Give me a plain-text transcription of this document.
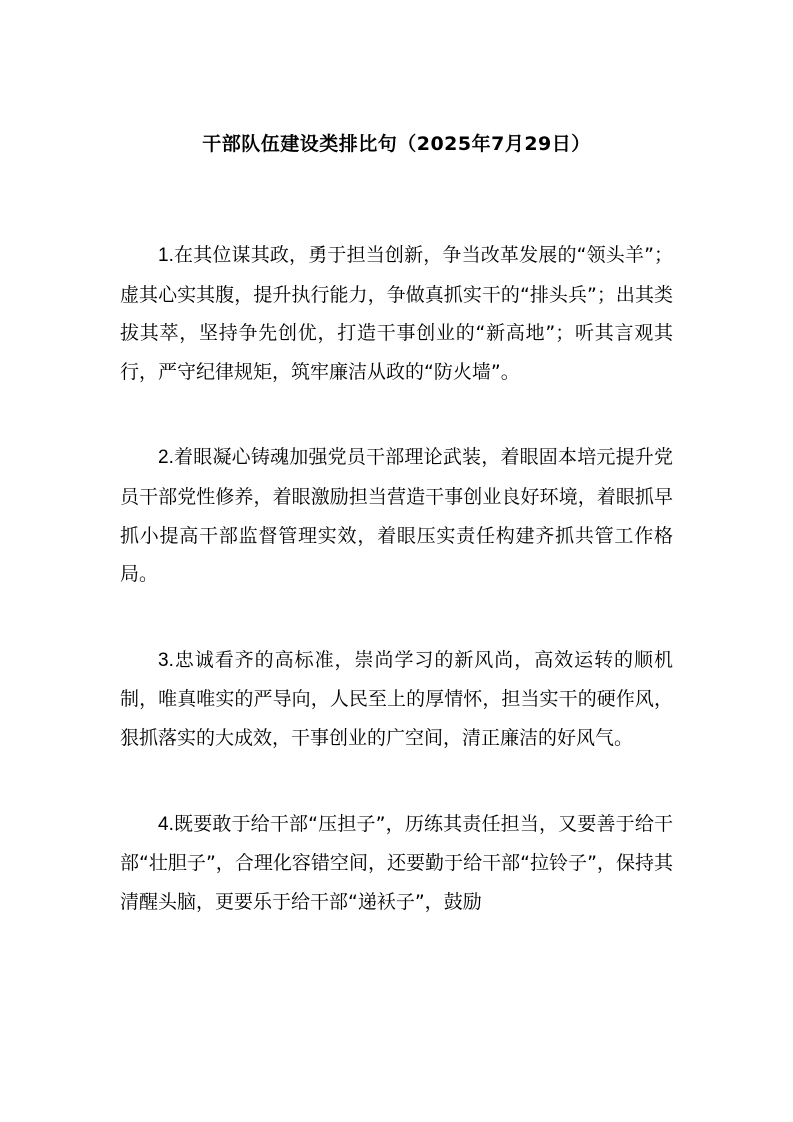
干部队伍建设类排比句（2025年7月29日）

1.在其位谋其政，勇于担当创新，争当改革发展的“领头羊”；虚其心实其腹，提升执行能力，争做真抓实干的“排头兵”；出其类拔其萃，坚持争先创优，打造干事创业的“新高地”；听其言观其行，严守纪律规矩，筑牢廉洁从政的“防火墙”。

2.着眼凝心铸魂加强党员干部理论武装，着眼固本培元提升党员干部党性修养，着眼激励担当营造干事创业良好环境，着眼抓早抓小提高干部监督管理实效，着眼压实责任构建齐抓共管工作格局。

3.忠诚看齐的高标准，崇尚学习的新风尚，高效运转的顺机制，唯真唯实的严导向，人民至上的厚情怀，担当实干的硬作风，狠抓落实的大成效，干事创业的广空间，清正廉洁的好风气。

4.既要敢于给干部“压担子”，历练其责任担当，又要善于给干部“壮胆子”，合理化容错空间，还要勤于给干部“拉铃子”，保持其清醒头脑，更要乐于给干部“递袄子”，鼓励
